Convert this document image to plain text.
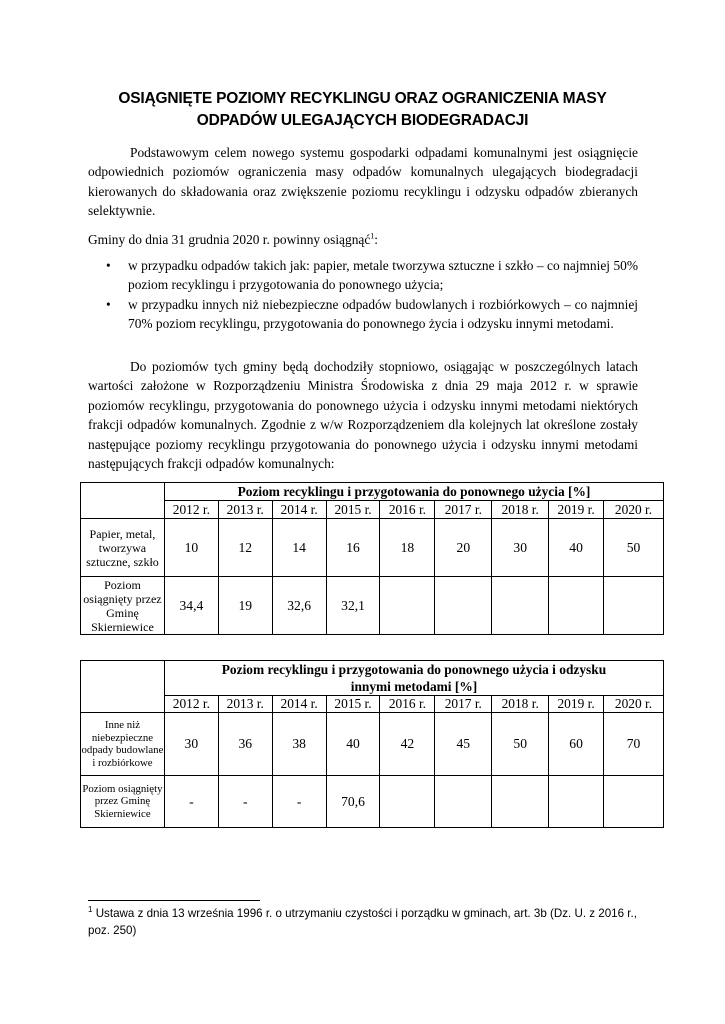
OSIĄGNIĘTE POZIOMY RECYKLINGU ORAZ OGRANICZENIA MASY ODPADÓW ULEGAJĄCYCH BIODEGRADACJI

Podstawowym celem nowego systemu gospodarki odpadami komunalnymi jest osiągnięcie odpowiednich poziomów ograniczenia masy odpadów komunalnych ulegających biodegradacji kierowanych do składowania oraz zwiększenie poziomu recyklingu i odzysku odpadów zbieranych selektywnie.

Gminy do dnia 31 grudnia 2020 r. powinny osiągnąć$^1$:

• w przypadku odpadów takich jak: papier, metale tworzywa sztuczne i szkło – co najmniej 50% poziom recyklingu i przygotowania do ponownego użycia;
• w przypadku innych niż niebezpieczne odpadów budowlanych i rozbiórkowych – co najmniej 70% poziom recyklingu, przygotowania do ponownego życia i odzysku innymi metodami.

Do poziomów tych gminy będą dochodziły stopniowo, osiągając w poszczególnych latach wartości założone w Rozporządzeniu Ministra Środowiska z dnia 29 maja 2012 r. w sprawie poziomów recyklingu, przygotowania do ponownego użycia i odzysku innymi metodami niektórych frakcji odpadów komunalnych. Zgodnie z w/w Rozporządzeniem dla kolejnych lat określone zostały następujące poziomy recyklingu przygotowania do ponownego użycia i odzysku innymi metodami następujących frakcji odpadów komunalnych:

	Poziom recyklingu i przygotowania do ponownego użycia [%]								
	2012 r.	2013 r.	2014 r.	2015 r.	2016 r.	2017 r.	2018 r.	2019 r.	2020 r.
Papier, metal, tworzywa sztuczne, szkło	10	12	14	16	18	20	30	40	50
Poziom osiągnięty przez Gminę Skierniewice	34,4	19	32,6	32,1					
	Poziom recyklingu i przygotowania do ponownego użycia i odzysku innymi metodami [%]								
	2012 r.	2013 r.	2014 r.	2015 r.	2016 r.	2017 r.	2018 r.	2019 r.	2020 r.
Inne niż niebezpieczne odpady budowlane i rozbiórkowe	30	36	38	40	42	45	50	60	70
Poziom osiągnięty przez Gminę Skierniewice	-	-	-	70,6					
$^1$ Ustawa z dnia 13 września 1996 r. o utrzymaniu czystości i porządku w gminach, art. 3b (Dz. U. z 2016 r., poz. 250)
